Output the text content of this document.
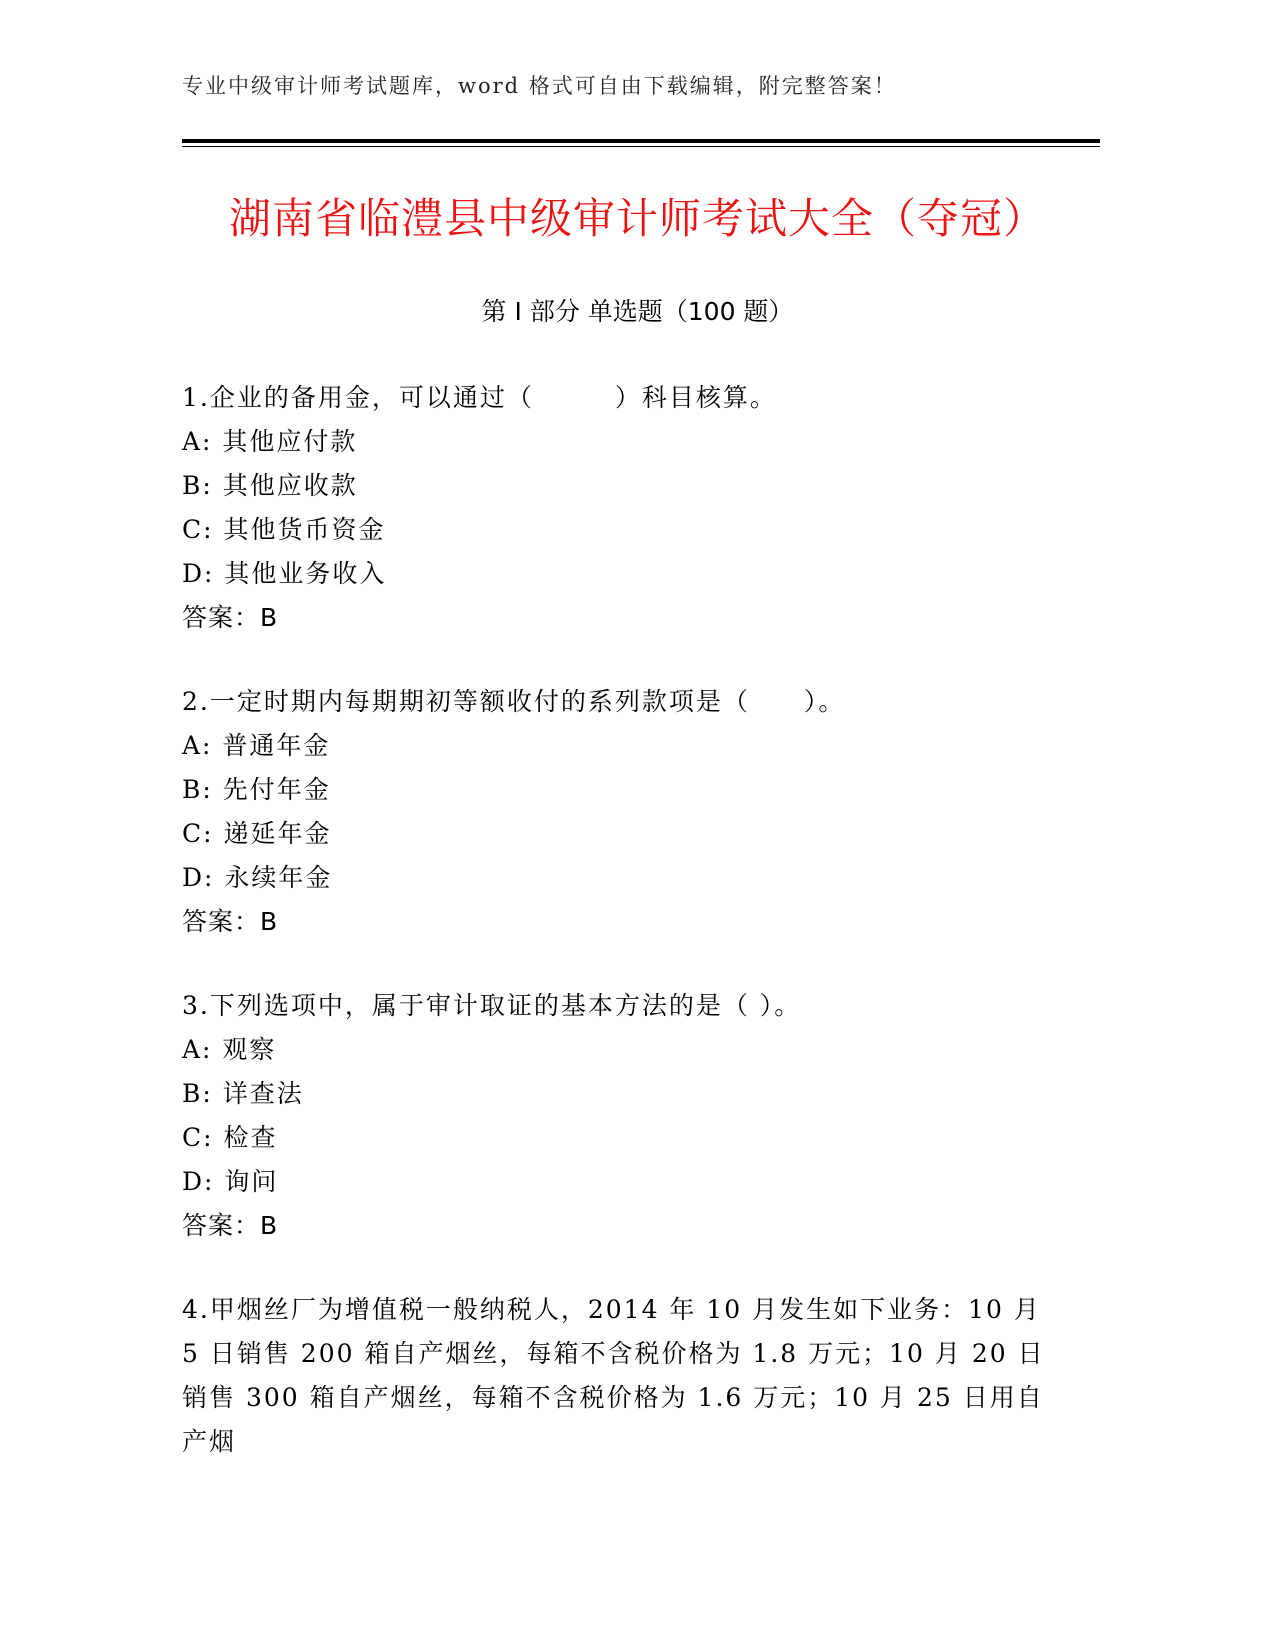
专业中级审计师考试题库，word 格式可自由下载编辑，附完整答案！
湖南省临澧县中级审计师考试大全（夺冠）
第 I 部分 单选题（100 题）
1.企业的备用金，可以通过（　　　）科目核算。
A: 其他应付款
B: 其他应收款
C: 其他货币资金
D: 其他业务收入
答案：B
2.一定时期内每期期初等额收付的系列款项是（　　）。
A: 普通年金
B: 先付年金
C: 递延年金
D: 永续年金
答案：B
3.下列选项中，属于审计取证的基本方法的是（ ）。
A: 观察
B: 详查法
C: 检查
D: 询问
答案：B
4.甲烟丝厂为增值税一般纳税人，2014 年 10 月发生如下业务：10 月 5 日销售 200 箱自产烟丝，每箱不含税价格为 1.8 万元；10 月 20 日销售 300 箱自产烟丝，每箱不含税价格为 1.6 万元；10 月 25 日用自产烟
